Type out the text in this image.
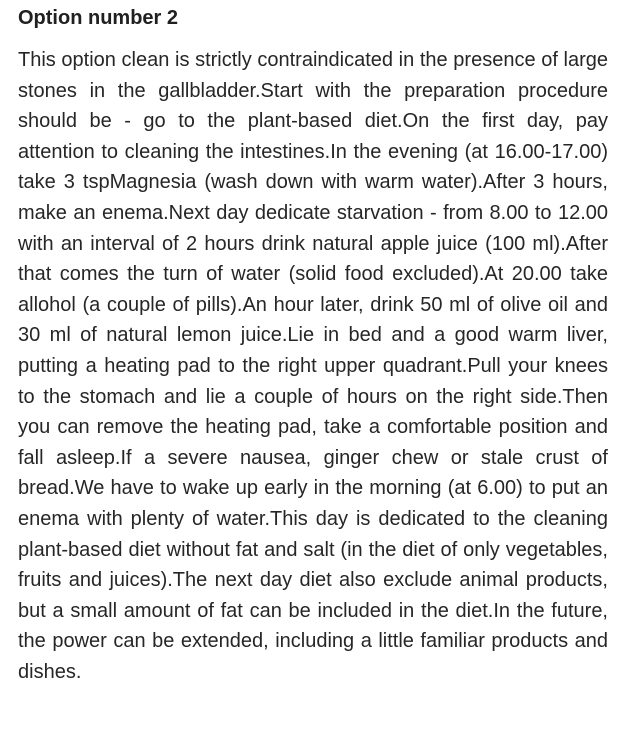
Option number 2

This option clean is strictly contraindicated in the presence of large stones in the gallbladder.Start with the preparation procedure should be - go to the plant-based diet.On the first day, pay attention to cleaning the intestines.In the evening (at 16.00-17.00) take 3 tspMagnesia (wash down with warm water).After 3 hours, make an enema.Next day dedicate starvation - from 8.00 to 12.00 with an interval of 2 hours drink natural apple juice (100 ml).After that comes the turn of water (solid food excluded).At 20.00 take allohol (a couple of pills).An hour later, drink 50 ml of olive oil and 30 ml of natural lemon juice.Lie in bed and a good warm liver, putting a heating pad to the right upper quadrant.Pull your knees to the stomach and lie a couple of hours on the right side.Then you can remove the heating pad, take a comfortable position and fall asleep.If a severe nausea, ginger chew or stale crust of bread.We have to wake up early in the morning (at 6.00) to put an enema with plenty of water.This day is dedicated to the cleaning plant-based diet without fat and salt (in the diet of only vegetables, fruits and juices).The next day diet also exclude animal products, but a small amount of fat can be included in the diet.In the future, the power can be extended, including a little familiar products and dishes.
